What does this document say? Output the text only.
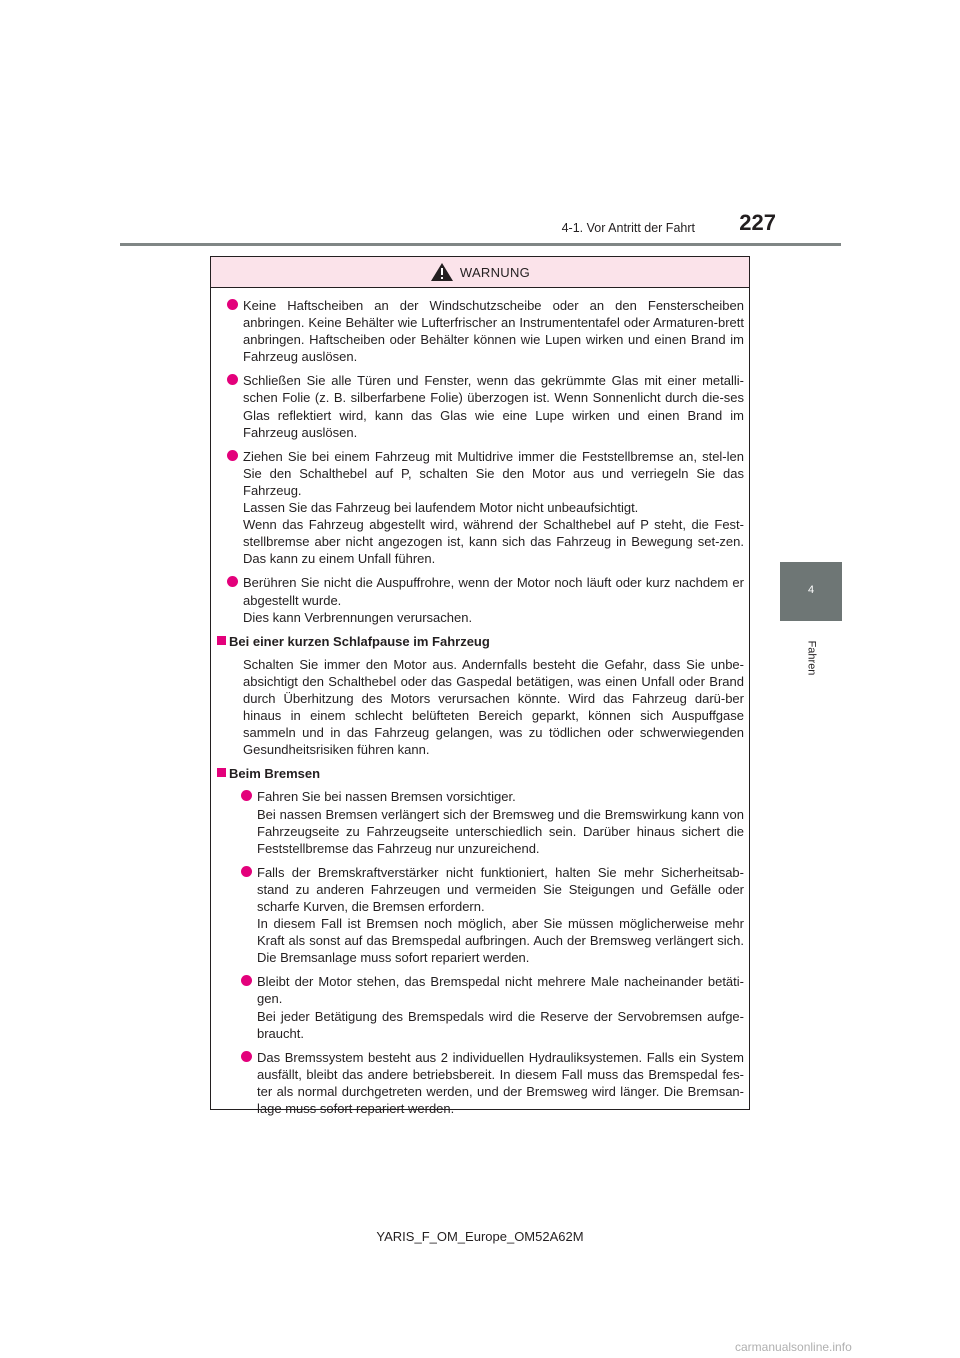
4-1. Vor Antritt der Fahrt	227
4
Fahren
WARNUNG

Keine Haftscheiben an der Windschutzscheibe oder an den Fensterscheiben anbringen. Keine Behälter wie Lufterfrischer an Instrumententafel oder Armaturen-brett anbringen. Haftscheiben oder Behälter können wie Lupen wirken und einen Brand im Fahrzeug auslösen.

Schließen Sie alle Türen und Fenster, wenn das gekrümmte Glas mit einer metalli-schen Folie (z. B. silberfarbene Folie) überzogen ist. Wenn Sonnenlicht durch die-ses Glas reflektiert wird, kann das Glas wie eine Lupe wirken und einen Brand im Fahrzeug auslösen.

Ziehen Sie bei einem Fahrzeug mit Multidrive immer die Feststellbremse an, stel-len Sie den Schalthebel auf P, schalten Sie den Motor aus und verriegeln Sie das Fahrzeug.

Lassen Sie das Fahrzeug bei laufendem Motor nicht unbeaufsichtigt.

Wenn das Fahrzeug abgestellt wird, während der Schalthebel auf P steht, die Fest-stellbremse aber nicht angezogen ist, kann sich das Fahrzeug in Bewegung set-zen. Das kann zu einem Unfall führen.

Berühren Sie nicht die Auspuffrohre, wenn der Motor noch läuft oder kurz nachdem er abgestellt wurde.

Dies kann Verbrennungen verursachen.

Bei einer kurzen Schlafpause im Fahrzeug
Schalten Sie immer den Motor aus. Andernfalls besteht die Gefahr, dass Sie unbe-absichtigt den Schalthebel oder das Gaspedal betätigen, was einen Unfall oder Brand durch Überhitzung des Motors verursachen könnte. Wird das Fahrzeug darü-ber hinaus in einem schlecht belüfteten Bereich geparkt, können sich Auspuffgase sammeln und in das Fahrzeug gelangen, was zu tödlichen oder schwerwiegenden Gesundheitsrisiken führen kann.
Beim Bremsen

Fahren Sie bei nassen Bremsen vorsichtiger.

Bei nassen Bremsen verlängert sich der Bremsweg und die Bremswirkung kann von Fahrzeugseite zu Fahrzeugseite unterschiedlich sein. Darüber hinaus sichert die Feststellbremse das Fahrzeug nur unzureichend.

Falls der Bremskraftverstärker nicht funktioniert, halten Sie mehr Sicherheitsab-stand zu anderen Fahrzeugen und vermeiden Sie Steigungen und Gefälle oder scharfe Kurven, die Bremsen erfordern.

In diesem Fall ist Bremsen noch möglich, aber Sie müssen möglicherweise mehr Kraft als sonst auf das Bremspedal aufbringen. Auch der Bremsweg verlängert sich. Die Bremsanlage muss sofort repariert werden.

Bleibt der Motor stehen, das Bremspedal nicht mehrere Male nacheinander betäti-gen.

Bei jeder Betätigung des Bremspedals wird die Reserve der Servobremsen aufge-braucht.

Das Bremssystem besteht aus 2 individuellen Hydrauliksystemen. Falls ein System ausfällt, bleibt das andere betriebsbereit. In diesem Fall muss das Bremspedal fes-ter als normal durchgetreten werden, und der Bremsweg wird länger. Die Bremsan-lage muss sofort repariert werden.

YARIS_F_OM_Europe_OM52A62M
carmanualsonline.info
